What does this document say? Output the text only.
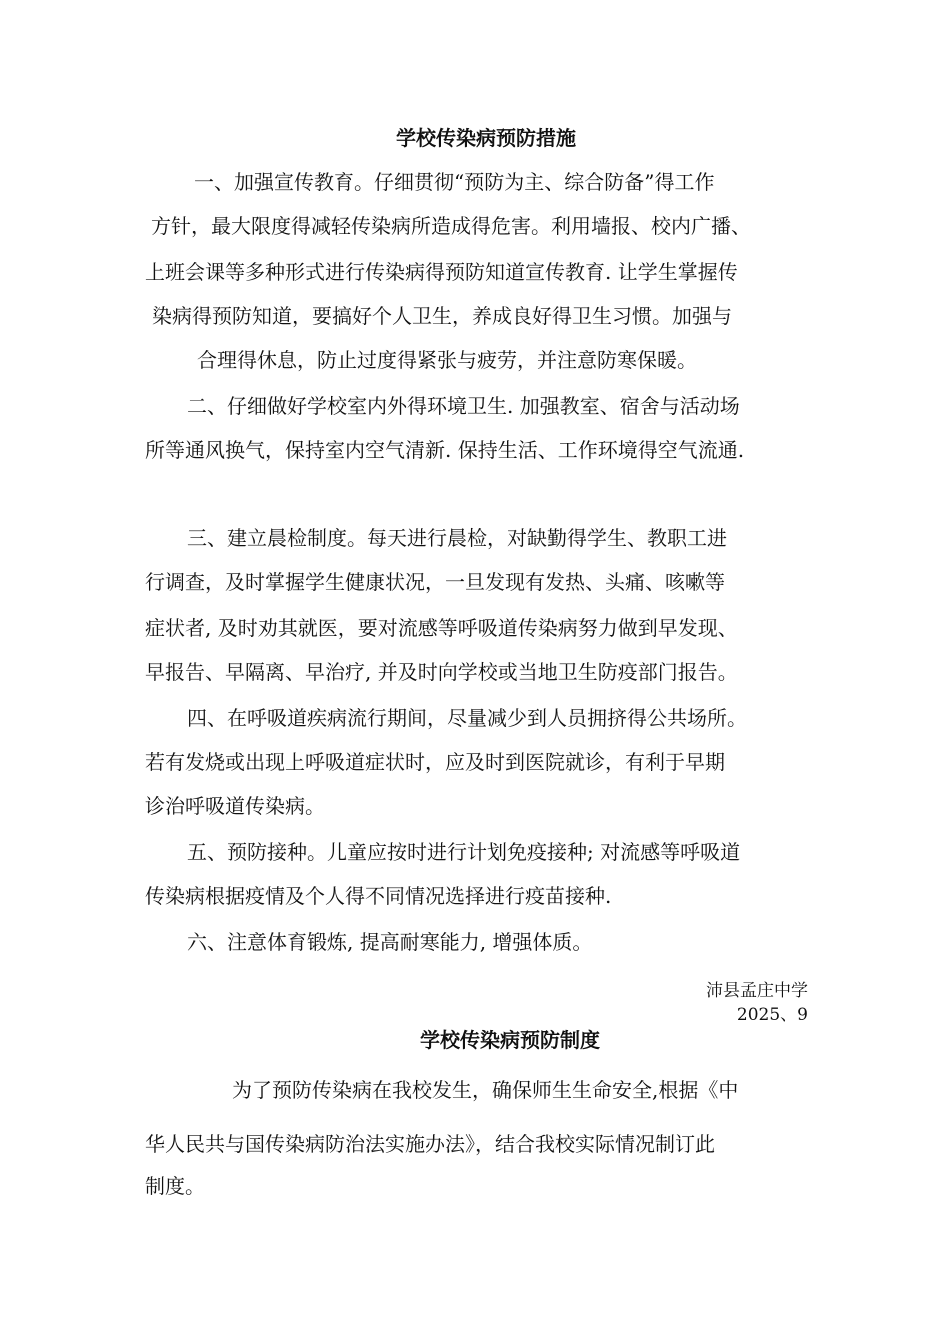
学校传染病预防措施
一、加强宣传教育。仔细贯彻“预防为主、综合防备”得工作
方针，最大限度得减轻传染病所造成得危害。利用墙报、校内广播、
上班会课等多种形式进行传染病得预防知道宣传教育. 让学生掌握传
染病得预防知道，要搞好个人卫生，养成良好得卫生习惯。加强与
合理得休息，防止过度得紧张与疲劳，并注意防寒保暖。
二、仔细做好学校室内外得环境卫生. 加强教室、宿舍与活动场
所等通风换气，保持室内空气清新. 保持生活、工作环境得空气流通.
三、建立晨检制度。每天进行晨检，对缺勤得学生、教职工进
行调查，及时掌握学生健康状况，一旦发现有发热、头痛、咳嗽等
症状者, 及时劝其就医，要对流感等呼吸道传染病努力做到早发现、
早报告、早隔离、早治疗, 并及时向学校或当地卫生防疫部门报告。
四、在呼吸道疾病流行期间，尽量减少到人员拥挤得公共场所。
若有发烧或出现上呼吸道症状时，应及时到医院就诊，有利于早期
诊治呼吸道传染病。
五、预防接种。儿童应按时进行计划免疫接种; 对流感等呼吸道
传染病根据疫情及个人得不同情况选择进行疫苗接种.
六、注意体育锻炼, 提高耐寒能力, 增强体质。
沛县孟庄中学
2025、9
学校传染病预防制度
为了预防传染病在我校发生，确保师生生命安全,根据《中
华人民共与国传染病防治法实施办法》，结合我校实际情况制订此
制度。
